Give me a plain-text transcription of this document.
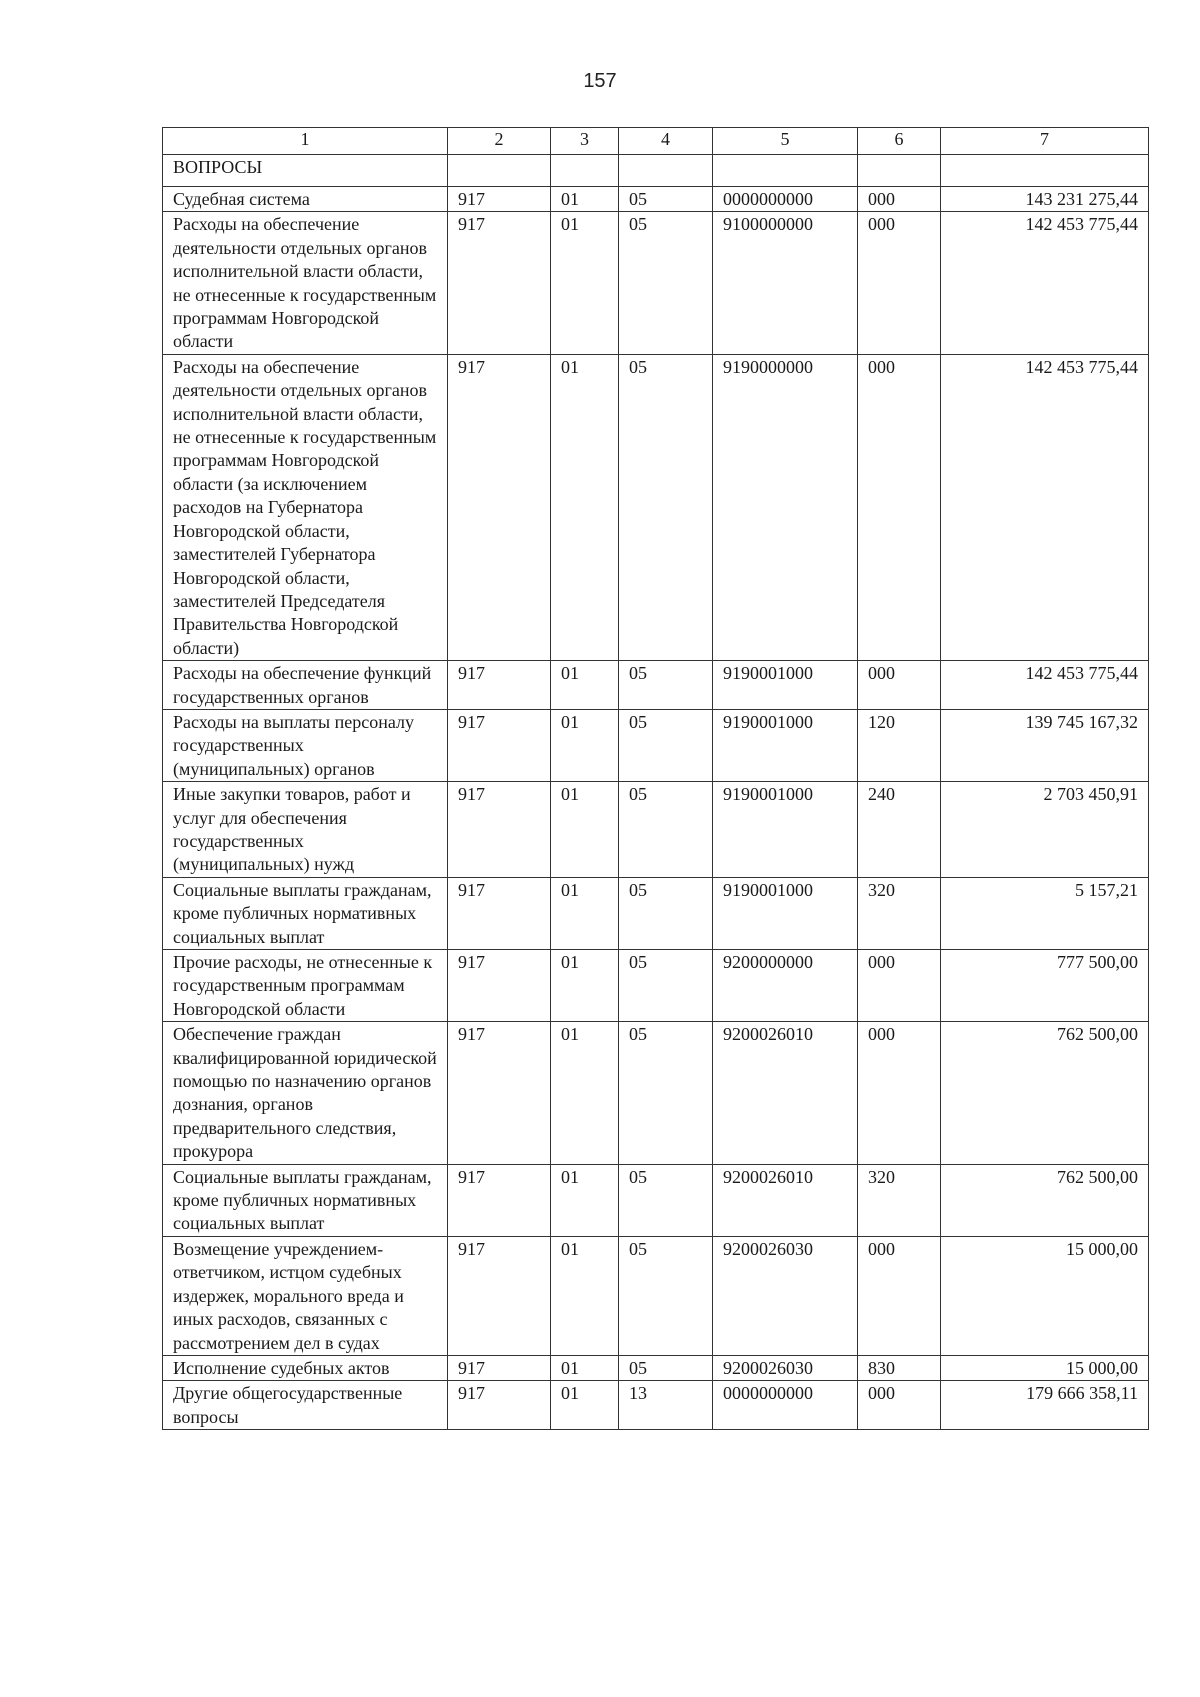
157
1	2	3	4	5	6	7
ВОПРОСЫ						
Судебная система	917	01	05	0000000000	000	143 231 275,44
Расходы на обеспечение деятельности отдельных органов исполнительной власти области, не отнесенные к государственным программам Новгородской области	917	01	05	9100000000	000	142 453 775,44
Расходы на обеспечение деятельности отдельных органов исполнительной власти области, не отнесенные к государственным программам Новгородской области (за исключением расходов на Губернатора Новгородской области, заместителей Губернатора Новгородской области, заместителей Председателя Правительства Новгородской области)	917	01	05	9190000000	000	142 453 775,44
Расходы на обеспечение функций государственных органов	917	01	05	9190001000	000	142 453 775,44
Расходы на выплаты персоналу государственных (муниципальных) органов	917	01	05	9190001000	120	139 745 167,32
Иные закупки товаров, работ и услуг для обеспечения государственных (муниципальных) нужд	917	01	05	9190001000	240	2 703 450,91
Социальные выплаты гражданам, кроме публичных нормативных социальных выплат	917	01	05	9190001000	320	5 157,21
Прочие расходы, не отнесенные к государственным программам Новгородской области	917	01	05	9200000000	000	777 500,00
Обеспечение граждан квалифицированной юридической помощью по назначению органов дознания, органов предварительного следствия, прокурора	917	01	05	9200026010	000	762 500,00
Социальные выплаты гражданам, кроме публичных нормативных социальных выплат	917	01	05	9200026010	320	762 500,00
Возмещение учреждением-ответчиком, истцом судебных издержек, морального вреда и иных расходов, связанных с рассмотрением дел в судах	917	01	05	9200026030	000	15 000,00
Исполнение судебных актов	917	01	05	9200026030	830	15 000,00
Другие общегосударственные вопросы	917	01	13	0000000000	000	179 666 358,11
